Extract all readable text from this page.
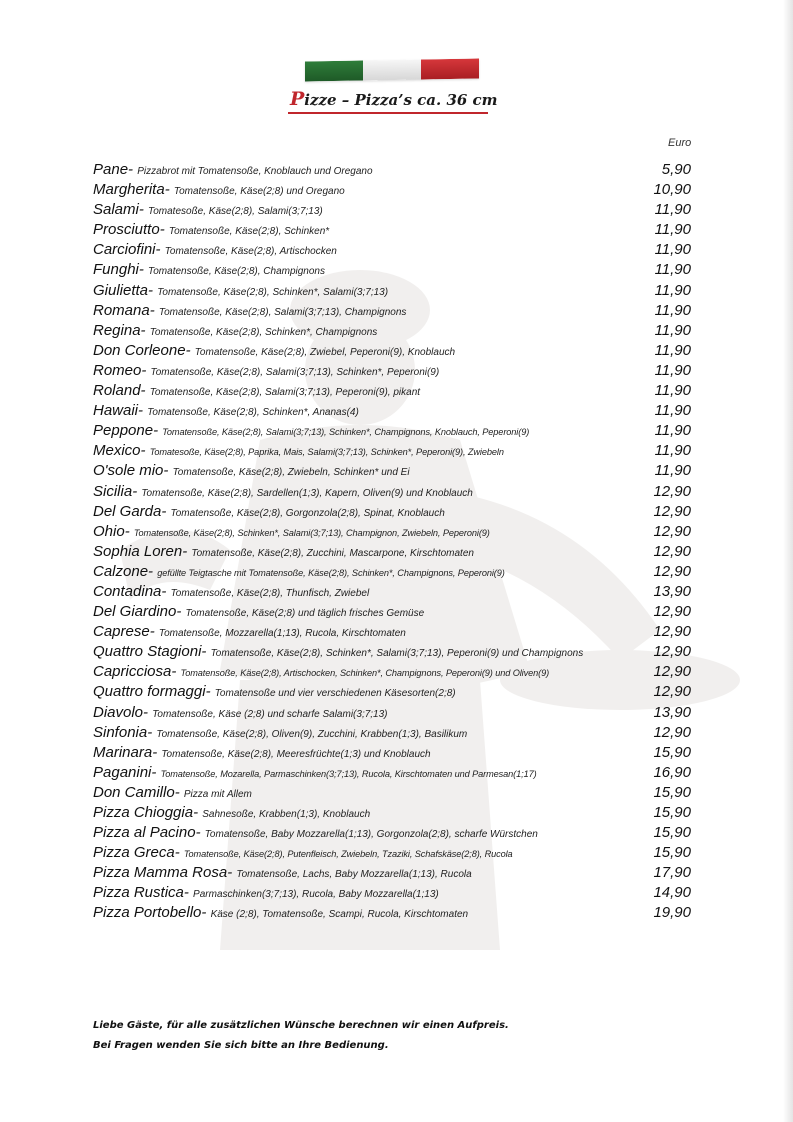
Pizze – Pizza’s ca. 36 cm
Euro
Pane- Pizzabrot mit Tomatensoße, Knoblauch und Oregano	5,90
Margherita- Tomatensoße, Käse(2;8) und Oregano	10,90
Salami- Tomatesoße, Käse(2;8), Salami(3;7;13)	11,90
Prosciutto- Tomatensoße, Käse(2;8), Schinken*	11,90
Carciofini- Tomatensoße, Käse(2;8), Artischocken	11,90
Funghi- Tomatensoße, Käse(2;8), Champignons	11,90
Giulietta- Tomatensoße, Käse(2;8), Schinken*, Salami(3;7;13)	11,90
Romana- Tomatensoße, Käse(2;8), Salami(3;7;13), Champignons	11,90
Regina- Tomatensoße, Käse(2;8), Schinken*, Champignons	11,90
Don Corleone- Tomatensoße, Käse(2;8), Zwiebel, Peperoni(9), Knoblauch	11,90
Romeo- Tomatensoße, Käse(2;8), Salami(3;7;13), Schinken*, Peperoni(9)	11,90
Roland- Tomatensoße, Käse(2;8), Salami(3;7;13), Peperoni(9), pikant	11,90
Hawaii- Tomatensoße, Käse(2;8), Schinken*, Ananas(4)	11,90
Peppone- Tomatensoße, Käse(2;8), Salami(3;7;13), Schinken*, Champignons, Knoblauch, Peperoni(9)	11,90
Mexico- Tomatesoße, Käse(2;8), Paprika, Mais, Salami(3;7;13), Schinken*, Peperoni(9), Zwiebeln	11,90
O'sole mio- Tomatensoße, Käse(2;8), Zwiebeln, Schinken* und Ei	11,90
Sicilia- Tomatensoße, Käse(2;8), Sardellen(1;3), Kapern, Oliven(9) und Knoblauch	12,90
Del Garda- Tomatensoße, Käse(2;8), Gorgonzola(2;8), Spinat, Knoblauch	12,90
Ohio- Tomatensoße, Käse(2;8), Schinken*, Salami(3;7;13), Champignon, Zwiebeln, Peperoni(9)	12,90
Sophia Loren- Tomatensoße, Käse(2;8), Zucchini, Mascarpone, Kirschtomaten	12,90
Calzone- gefüllte Teigtasche mit Tomatensoße, Käse(2;8), Schinken*, Champignons, Peperoni(9)	12,90
Contadina- Tomatensoße, Käse(2;8), Thunfisch, Zwiebel	13,90
Del Giardino- Tomatensoße, Käse(2;8) und täglich frisches Gemüse	12,90
Caprese- Tomatensoße, Mozzarella(1;13), Rucola, Kirschtomaten	12,90
Quattro Stagioni- Tomatensoße, Käse(2;8), Schinken*, Salami(3;7;13), Peperoni(9) und Champignons	12,90
Capricciosa- Tomatensoße, Käse(2;8), Artischocken, Schinken*, Champignons, Peperoni(9) und Oliven(9)	12,90
Quattro formaggi- Tomatensoße und vier verschiedenen Käsesorten(2;8)	12,90
Diavolo- Tomatensoße, Käse (2;8) und scharfe Salami(3;7;13)	13,90
Sinfonia- Tomatensoße, Käse(2;8), Oliven(9), Zucchini, Krabben(1;3), Basilikum	12,90
Marinara- Tomatensoße, Käse(2;8), Meeresfrüchte(1;3) und Knoblauch	15,90
Paganini- Tomatensoße, Mozarella, Parmaschinken(3;7;13), Rucola, Kirschtomaten und Parmesan(1;17)	16,90
Don Camillo- Pizza mit Allem	15,90
Pizza Chioggia- Sahnesoße, Krabben(1;3), Knoblauch	15,90
Pizza al Pacino- Tomatensoße, Baby Mozzarella(1;13), Gorgonzola(2;8), scharfe Würstchen	15,90
Pizza Greca- Tomatensoße, Käse(2;8), Putenfleisch, Zwiebeln, Tzaziki, Schafskäse(2;8), Rucola	15,90
Pizza Mamma Rosa- Tomatensoße, Lachs, Baby Mozzarella(1;13), Rucola	17,90
Pizza Rustica- Parmaschinken(3;7;13), Rucola, Baby Mozzarella(1;13)	14,90
Pizza Portobello- Käse (2;8), Tomatensoße, Scampi, Rucola, Kirschtomaten	19,90
Liebe Gäste, für alle zusätzlichen Wünsche berechnen wir einen Aufpreis.
Bei Fragen wenden Sie sich bitte an Ihre Bedienung.
